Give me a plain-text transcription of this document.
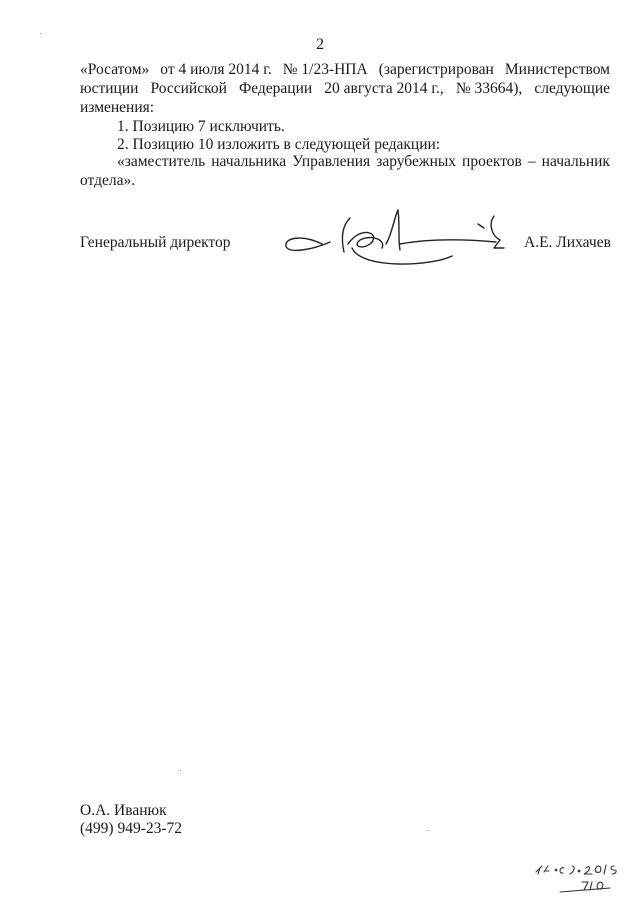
2
«Росатом» от 4 июля 2014 г. № 1/23-НПА (зарегистрирован Министерством
юстиции Российской Федерации 20 августа 2014 г., № 33664), следующие
изменения:
1. Позицию 7 исключить.
2. Позицию 10 изложить в следующей редакции:
«заместитель начальника Управления зарубежных проектов – начальник
отдела».
Генеральный директор	А.Е. Лихачев
О.А. Иванюк
(499) 949-23-72
